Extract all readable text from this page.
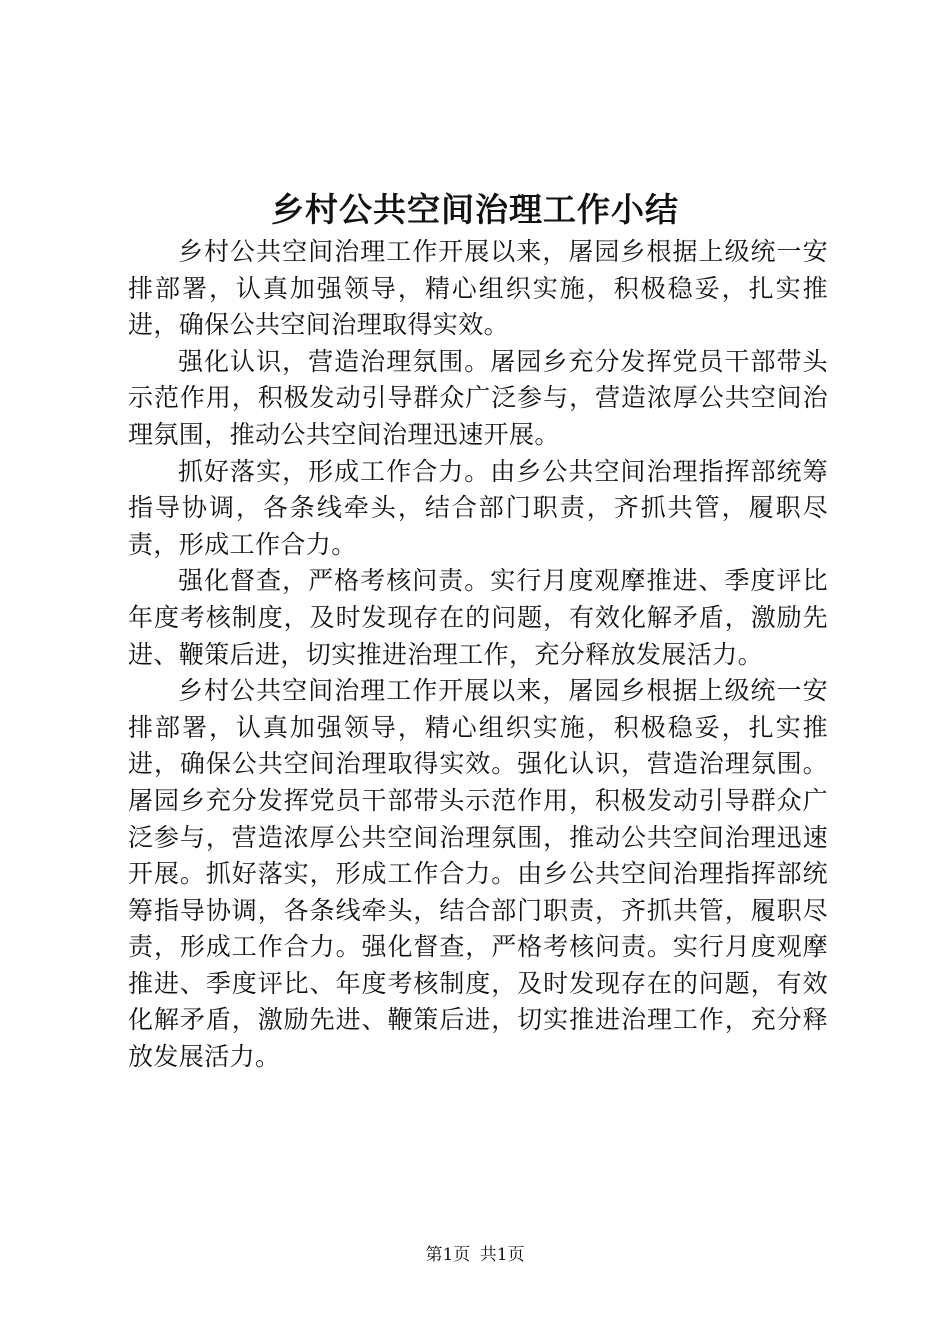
乡村公共空间治理工作小结

乡村公共空间治理工作开展以来，屠园乡根据上级统一安排部署，认真加强领导，精心组织实施，积极稳妥，扎实推进，确保公共空间治理取得实效。

强化认识，营造治理氛围。屠园乡充分发挥党员干部带头示范作用，积极发动引导群众广泛参与，营造浓厚公共空间治理氛围，推动公共空间治理迅速开展。

抓好落实，形成工作合力。由乡公共空间治理指挥部统筹指导协调，各条线牵头，结合部门职责，齐抓共管，履职尽责，形成工作合力。

强化督查，严格考核问责。实行月度观摩推进、季度评比年度考核制度，及时发现存在的问题，有效化解矛盾，激励先进、鞭策后进，切实推进治理工作，充分释放发展活力。

乡村公共空间治理工作开展以来，屠园乡根据上级统一安排部署，认真加强领导，精心组织实施，积极稳妥，扎实推进，确保公共空间治理取得实效。强化认识，营造治理氛围。屠园乡充分发挥党员干部带头示范作用，积极发动引导群众广泛参与，营造浓厚公共空间治理氛围，推动公共空间治理迅速开展。抓好落实，形成工作合力。由乡公共空间治理指挥部统筹指导协调，各条线牵头，结合部门职责，齐抓共管，履职尽责，形成工作合力。强化督查，严格考核问责。实行月度观摩推进、季度评比、年度考核制度，及时发现存在的问题，有效化解矛盾，激励先进、鞭策后进，切实推进治理工作，充分释放发展活力。

第1页 共1页
